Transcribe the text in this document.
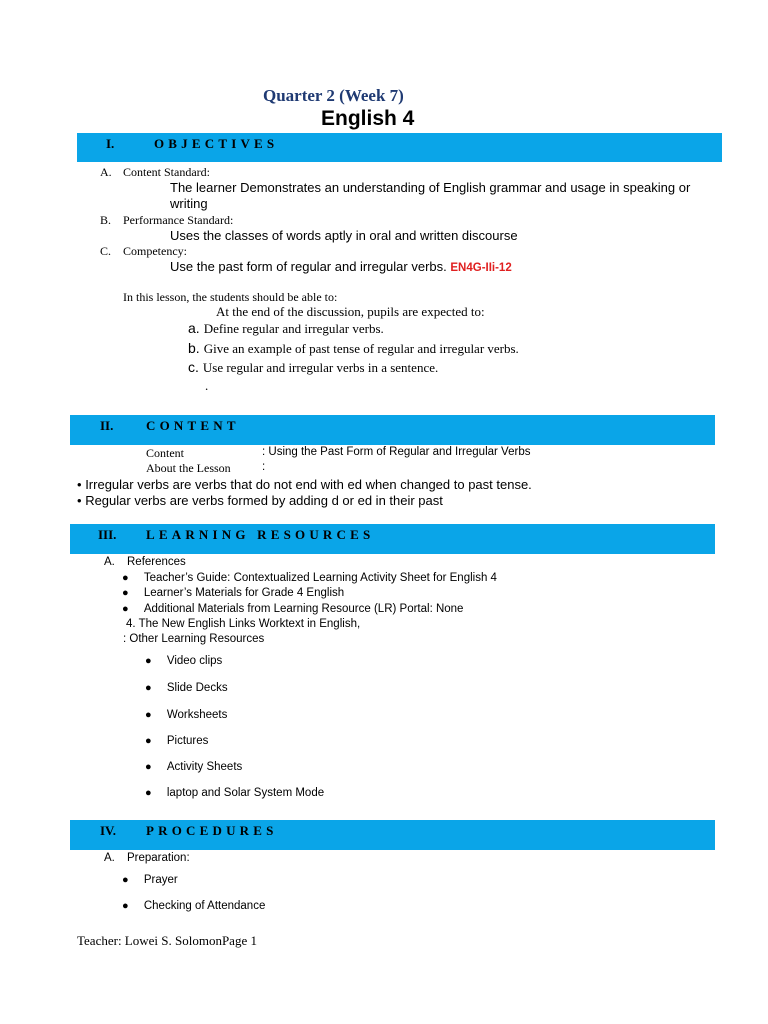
Quarter 2 (Week 7)
English 4
I.	OBJECTIVES
A. Content Standard:
The learner Demonstrates an understanding of English grammar and usage in speaking or
writing
B. Performance Standard:
Uses the classes of words aptly in oral and written discourse
C. Competency:
Use the past form of regular and irregular verbs. EN4G-IIi-12
In this lesson, the students should be able to:
At the end of the discussion, pupils are expected to:
a. Define regular and irregular verbs.
b. Give an example of past tense of regular and irregular verbs.
c. Use regular and irregular verbs in a sentence.
.
II.	CONTENT
Content	: Using the Past Form of Regular and Irregular Verbs
About the Lesson	:
• Irregular verbs are verbs that do not end with ed when changed to past tense.
• Regular verbs are verbs formed by adding d or ed in their past
III. LEARNING RESOURCES
A. References
● Teacher’s Guide: Contextualized Learning Activity Sheet for English 4
● Learner’s Materials for Grade 4 English
● Additional Materials from Learning Resource (LR) Portal: None
4. The New English Links Worktext in English,
: Other Learning Resources
● Video clips
● Slide Decks
● Worksheets
● Pictures
● Activity Sheets
● laptop and Solar System Mode
IV. PROCEDURES
A. Preparation:
● Prayer
● Checking of Attendance
Teacher: Lowei S. SolomonPage 1
